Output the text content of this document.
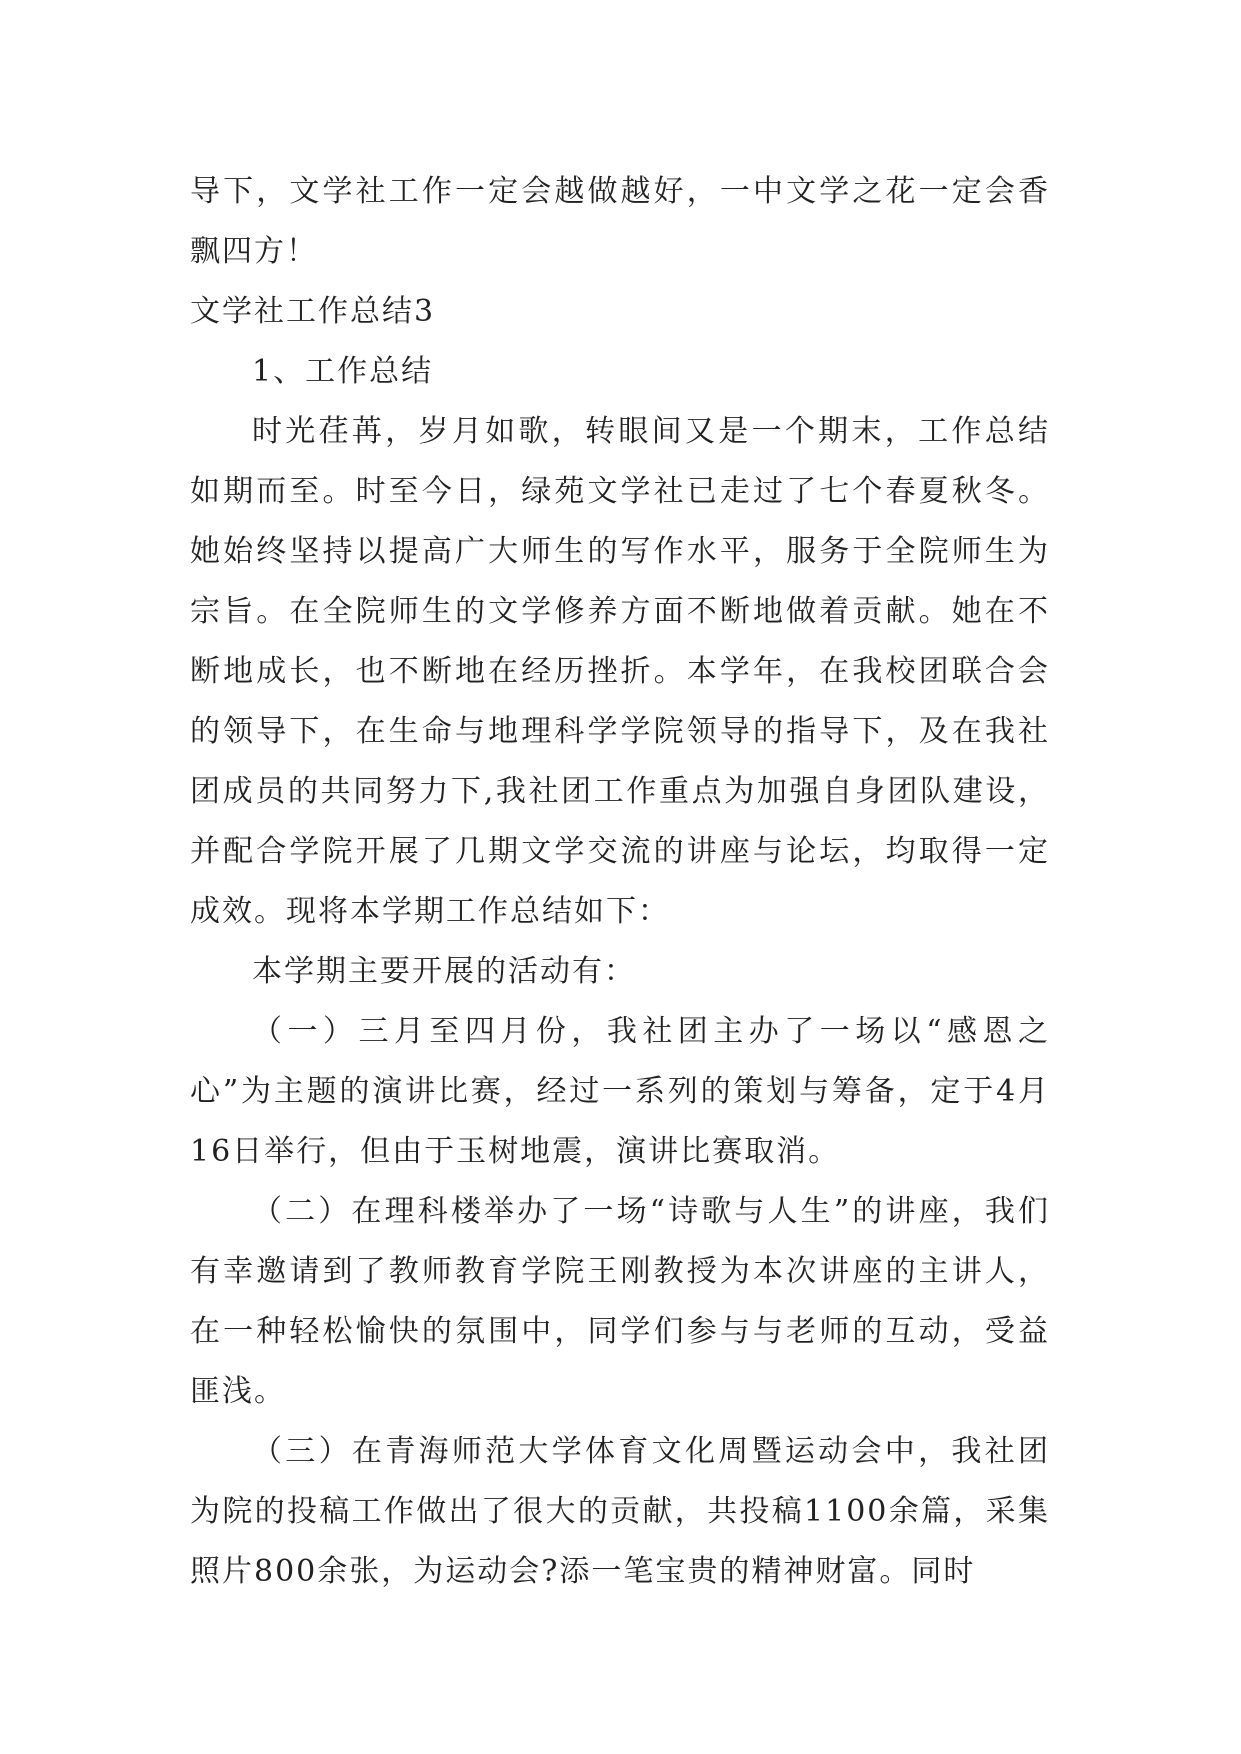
导下，文学社工作一定会越做越好，一中文学之花一定会香飘四方！

文学社工作总结3

1、工作总结

时光荏苒，岁月如歌，转眼间又是一个期末，工作总结如期而至。时至今日，绿苑文学社已走过了七个春夏秋冬。她始终坚持以提高广大师生的写作水平，服务于全院师生为宗旨。在全院师生的文学修养方面不断地做着贡献。她在不断地成长，也不断地在经历挫折。本学年，在我校团联合会的领导下，在生命与地理科学学院领导的指导下，及在我社团成员的共同努力下,我社团工作重点为加强自身团队建设，并配合学院开展了几期文学交流的讲座与论坛，均取得一定成效。现将本学期工作总结如下：

本学期主要开展的活动有：

（一）三月至四月份，我社团主办了一场以“感恩之心”为主题的演讲比赛，经过一系列的策划与筹备，定于4月16日举行，但由于玉树地震，演讲比赛取消。

（二）在理科楼举办了一场“诗歌与人生”的讲座，我们有幸邀请到了教师教育学院王刚教授为本次讲座的主讲人，在一种轻松愉快的氛围中，同学们参与与老师的互动，受益匪浅。

（三）在青海师范大学体育文化周暨运动会中，我社团为院的投稿工作做出了很大的贡献，共投稿1100余篇，采集照片800余张，为运动会?添一笔宝贵的精神财富。同时
